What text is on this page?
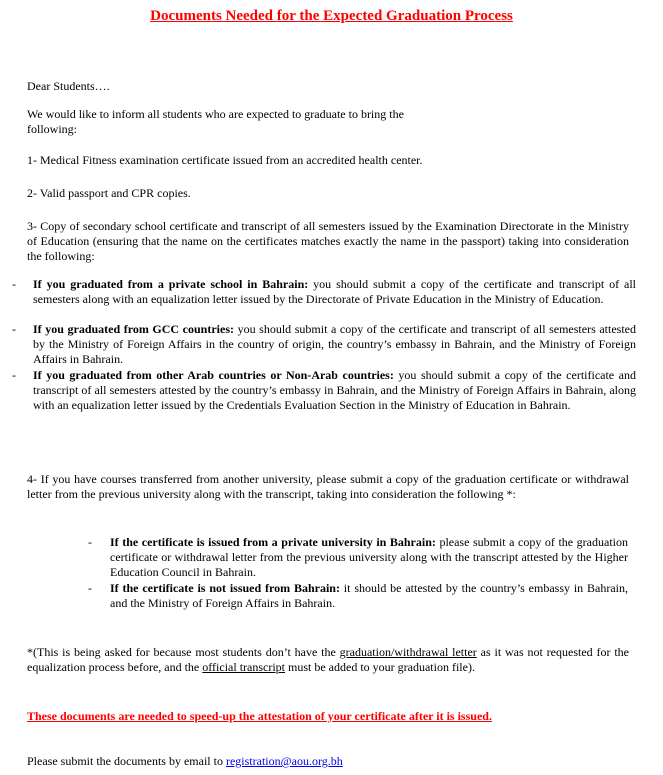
Documents Needed for the Expected Graduation Process

Dear Students….

We would like to inform all students who are expected to graduate to bring the following:

1- Medical Fitness examination certificate issued from an accredited health center.

2- Valid passport and CPR copies.

3- Copy of secondary school certificate and transcript of all semesters issued by the Examination Directorate in the Ministry of Education (ensuring that the name on the certificates matches exactly the name in the passport) taking into consideration the following:

- If you graduated from a private school in Bahrain: you should submit a copy of the certificate and transcript of all semesters along with an equalization letter issued by the Directorate of Private Education in the Ministry of Education.

- If you graduated from GCC countries: you should submit a copy of the certificate and transcript of all semesters attested by the Ministry of Foreign Affairs in the country of origin, the country’s embassy in Bahrain, and the Ministry of Foreign Affairs in Bahrain.

- If you graduated from other Arab countries or Non-Arab countries: you should submit a copy of the certificate and transcript of all semesters attested by the country’s embassy in Bahrain, and the Ministry of Foreign Affairs in Bahrain, along with an equalization letter issued by the Credentials Evaluation Section in the Ministry of Education in Bahrain.

4- If you have courses transferred from another university, please submit a copy of the graduation certificate or withdrawal letter from the previous university along with the transcript, taking into consideration the following *:

- If the certificate is issued from a private university in Bahrain: please submit a copy of the graduation certificate or withdrawal letter from the previous university along with the transcript attested by the Higher Education Council in Bahrain.

- If the certificate is not issued from Bahrain: it should be attested by the country’s embassy in Bahrain, and the Ministry of Foreign Affairs in Bahrain.

*(This is being asked for because most students don’t have the graduation/withdrawal letter as it was not requested for the equalization process before, and the official transcript must be added to your graduation file).

These documents are needed to speed-up the attestation of your certificate after it is issued.

Please submit the documents by email to registration@aou.org.bh
